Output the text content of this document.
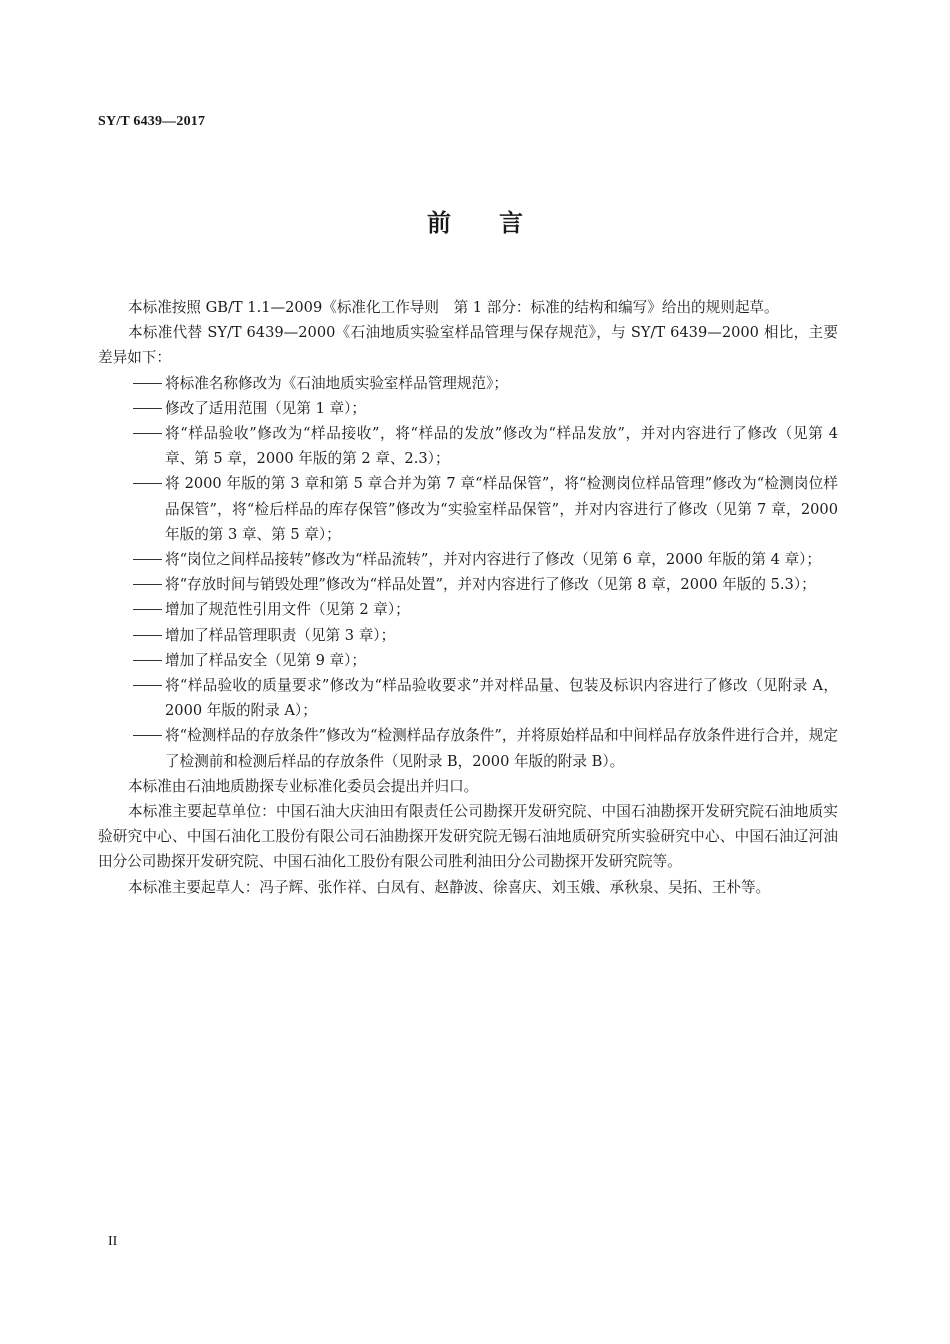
SY/T 6439—2017
前言

本标准按照 GB/T 1.1—2009《标准化工作导则　第 1 部分：标准的结构和编写》给出的规则起草。

本标准代替 SY/T 6439—2000《石油地质实验室样品管理与保存规范》，与 SY/T 6439—2000 相比，主要差异如下：

将标准名称修改为《石油地质实验室样品管理规范》；

修改了适用范围（见第 1 章）；

将“样品验收”修改为“样品接收”，将“样品的发放”修改为“样品发放”，并对内容进行了修改（见第 4 章、第 5 章，2000 年版的第 2 章、2.3）；

将 2000 年版的第 3 章和第 5 章合并为第 7 章“样品保管”，将“检测岗位样品管理”修改为“检测岗位样品保管”，将“检后样品的库存保管”修改为“实验室样品保管”，并对内容进行了修改（见第 7 章，2000 年版的第 3 章、第 5 章）；

将“岗位之间样品接转”修改为“样品流转”，并对内容进行了修改（见第 6 章，2000 年版的第 4 章）；

将“存放时间与销毁处理”修改为“样品处置”，并对内容进行了修改（见第 8 章，2000 年版的 5.3）；

增加了规范性引用文件（见第 2 章）；

增加了样品管理职责（见第 3 章）；

增加了样品安全（见第 9 章）；

将“样品验收的质量要求”修改为“样品验收要求”并对样品量、包装及标识内容进行了修改（见附录 A，2000 年版的附录 A）；

将“检测样品的存放条件”修改为“检测样品存放条件”，并将原始样品和中间样品存放条件进行合并，规定了检测前和检测后样品的存放条件（见附录 B，2000 年版的附录 B）。

本标准由石油地质勘探专业标准化委员会提出并归口。

本标准主要起草单位：中国石油大庆油田有限责任公司勘探开发研究院、中国石油勘探开发研究院石油地质实验研究中心、中国石油化工股份有限公司石油勘探开发研究院无锡石油地质研究所实验研究中心、中国石油辽河油田分公司勘探开发研究院、中国石油化工股份有限公司胜利油田分公司勘探开发研究院等。

本标准主要起草人：冯子辉、张作祥、白凤有、赵静波、徐喜庆、刘玉娥、承秋泉、吴拓、王朴等。

II
